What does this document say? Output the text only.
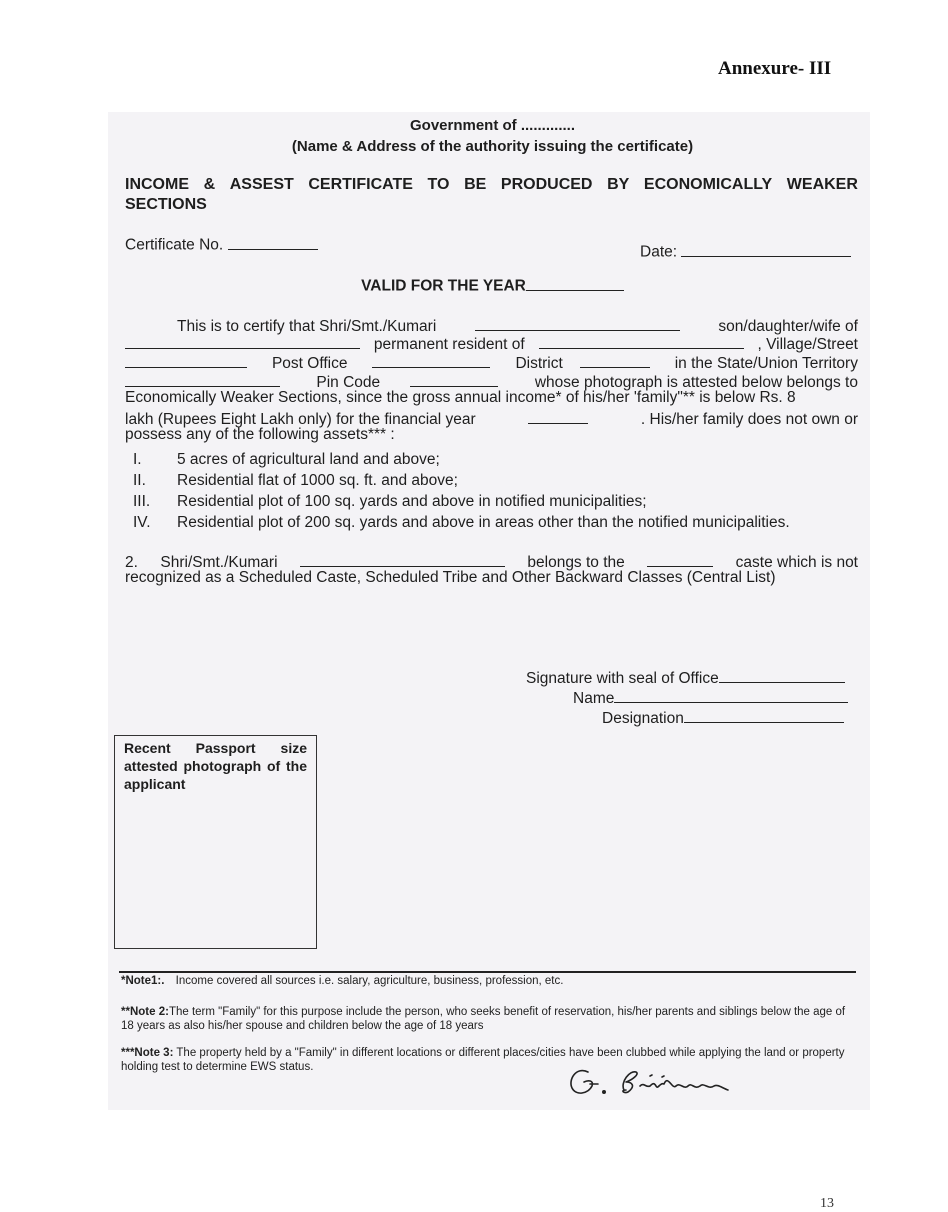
Annexure- III
Government of .............
(Name & Address of the authority issuing the certificate)
INCOME & ASSEST CERTIFICATE TO BE PRODUCED BY ECONOMICALLY WEAKER
SECTIONS
Certificate No.	Date:
VALID FOR THE YEAR
This is to certify that Shri/Smt./Kumari	son/daughter/wife of
permanent resident of	, Village/Street
Post Office	District	in the State/Union Territory
Pin Code	whose photograph is attested below belongs to
Economically Weaker Sections, since the gross annual income* of his/her 'family"** is below Rs. 8
lakh (Rupees Eight Lakh only) for the financial year	. His/her family does not own or
possess any of the following assets*** :
I.	5 acres of agricultural land and above;
II.	Residential flat of 1000 sq. ft. and above;
III.	Residential plot of 100 sq. yards and above in notified municipalities;
IV.	Residential plot of 200 sq. yards and above in areas other than the notified municipalities.
2. Shri/Smt./Kumari	belongs to the	caste which is not
recognized as a Scheduled Caste, Scheduled Tribe and Other Backward Classes (Central List)
Signature with seal of Office
Name
Designation
Recent Passport size attested photograph of the applicant
*Note1:. Income covered all sources i.e. salary, agriculture, business, profession, etc.
**Note 2:The term "Family" for this purpose include the person, who seeks benefit of reservation, his/her parents and siblings below the age of 18 years as also his/her spouse and children below the age of 18 years
***Note 3: The property held by a "Family" in different locations or different places/cities have been clubbed while applying the land or property holding test to determine EWS status.
13
